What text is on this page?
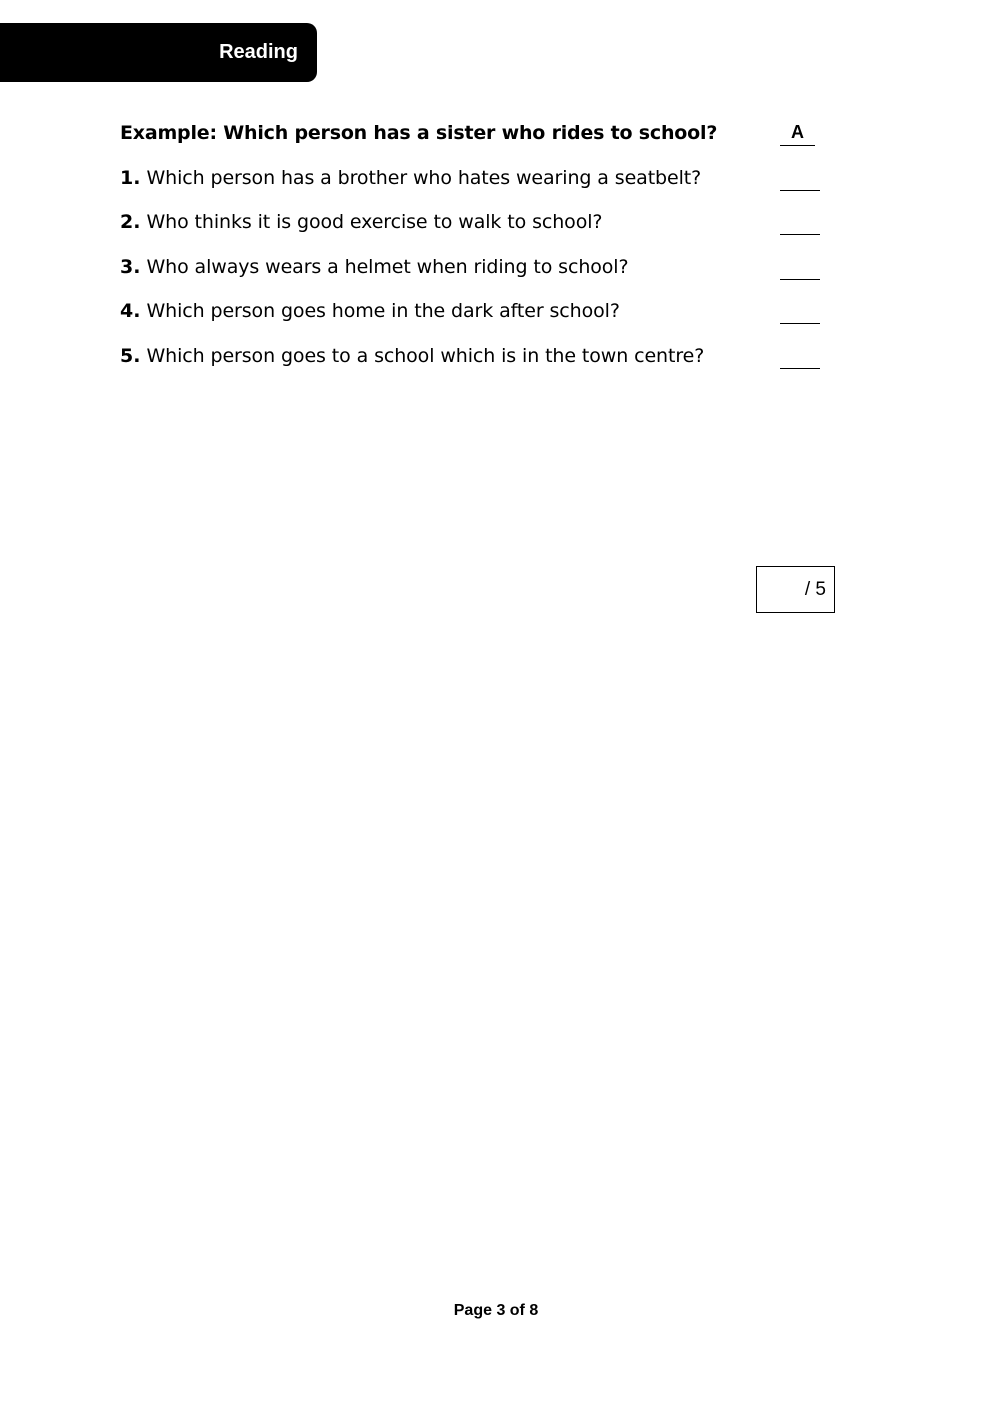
Reading
Example: Which person has a sister who rides to school?	A
1. Which person has a brother who hates wearing a seatbelt?
2. Who thinks it is good exercise to walk to school?
3. Who always wears a helmet when riding to school?
4. Which person goes home in the dark after school?
5. Which person goes to a school which is in the town centre?
/ 5
Page 3 of 8
